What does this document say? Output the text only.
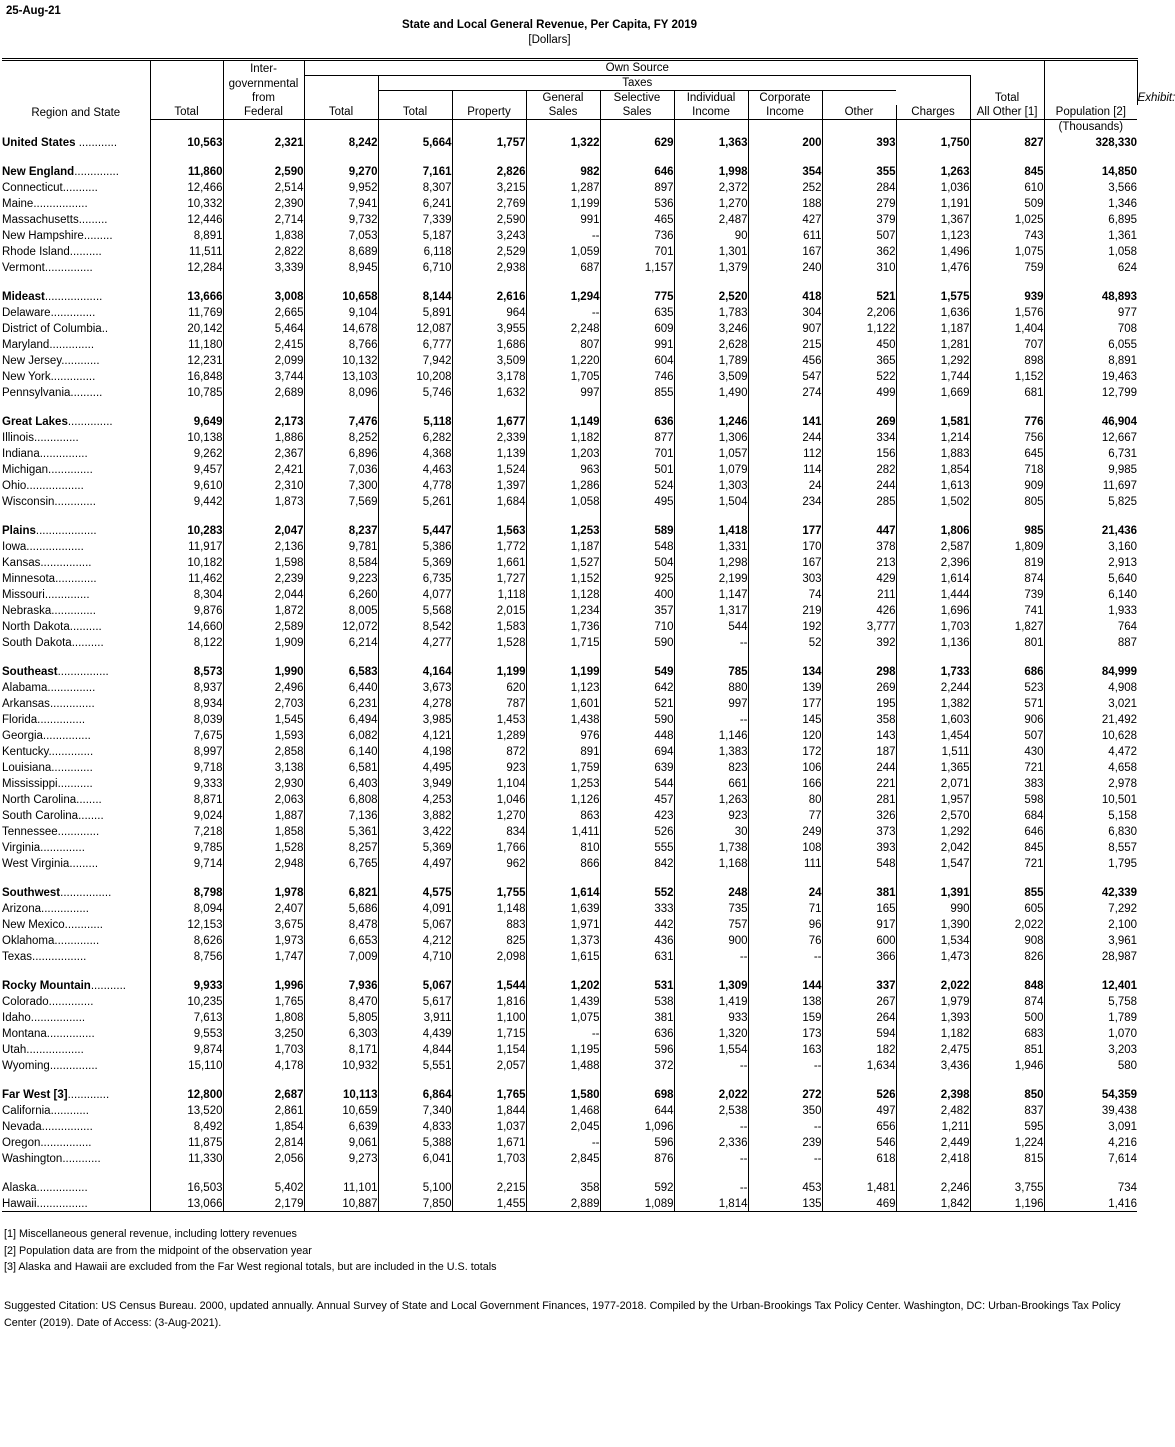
25-Aug-21
State and Local General Revenue, Per Capita, FY 2019
[Dollars]
Region and State		Inter-	Own Source											
		governmental		Taxes										
		from				General	Selective	Individual	Corporate			Total		Exhibit:
	Total	Federal	Total	Total	Property	Sales	Sales	Income	Income	Other	Charges	All Other [1]	Population [2]	
													(Thousands)	
United States ............	10,563	2,321	8,242	5,664	1,757	1,322	629	1,363	200	393	1,750	827	328,330	

New England..............	11,860	2,590	9,270	7,161	2,826	982	646	1,998	354	355	1,263	845	14,850	
Connecticut...........	12,466	2,514	9,952	8,307	3,215	1,287	897	2,372	252	284	1,036	610	3,566	
Maine.................	10,332	2,390	7,941	6,241	2,769	1,199	536	1,270	188	279	1,191	509	1,346	
Massachusetts.........	12,446	2,714	9,732	7,339	2,590	991	465	2,487	427	379	1,367	1,025	6,895	
New Hampshire.........	8,891	1,838	7,053	5,187	3,243	--	736	90	611	507	1,123	743	1,361	
Rhode Island..........	11,511	2,822	8,689	6,118	2,529	1,059	701	1,301	167	362	1,496	1,075	1,058	
Vermont...............	12,284	3,339	8,945	6,710	2,938	687	1,157	1,379	240	310	1,476	759	624	

Mideast..................	13,666	3,008	10,658	8,144	2,616	1,294	775	2,520	418	521	1,575	939	48,893	
Delaware..............	11,769	2,665	9,104	5,891	964	--	635	1,783	304	2,206	1,636	1,576	977	
District of Columbia..	20,142	5,464	14,678	12,087	3,955	2,248	609	3,246	907	1,122	1,187	1,404	708	
Maryland..............	11,180	2,415	8,766	6,777	1,686	807	991	2,628	215	450	1,281	707	6,055	
New Jersey............	12,231	2,099	10,132	7,942	3,509	1,220	604	1,789	456	365	1,292	898	8,891	
New York..............	16,848	3,744	13,103	10,208	3,178	1,705	746	3,509	547	522	1,744	1,152	19,463	
Pennsylvania..........	10,785	2,689	8,096	5,746	1,632	997	855	1,490	274	499	1,669	681	12,799	

Great Lakes..............	9,649	2,173	7,476	5,118	1,677	1,149	636	1,246	141	269	1,581	776	46,904	
Illinois..............	10,138	1,886	8,252	6,282	2,339	1,182	877	1,306	244	334	1,214	756	12,667	
Indiana...............	9,262	2,367	6,896	4,368	1,139	1,203	701	1,057	112	156	1,883	645	6,731	
Michigan..............	9,457	2,421	7,036	4,463	1,524	963	501	1,079	114	282	1,854	718	9,985	
Ohio..................	9,610	2,310	7,300	4,778	1,397	1,286	524	1,303	24	244	1,613	909	11,697	
Wisconsin.............	9,442	1,873	7,569	5,261	1,684	1,058	495	1,504	234	285	1,502	805	5,825	

Plains...................	10,283	2,047	8,237	5,447	1,563	1,253	589	1,418	177	447	1,806	985	21,436	
Iowa..................	11,917	2,136	9,781	5,386	1,772	1,187	548	1,331	170	378	2,587	1,809	3,160	
Kansas................	10,182	1,598	8,584	5,369	1,661	1,527	504	1,298	167	213	2,396	819	2,913	
Minnesota.............	11,462	2,239	9,223	6,735	1,727	1,152	925	2,199	303	429	1,614	874	5,640	
Missouri..............	8,304	2,044	6,260	4,077	1,118	1,128	400	1,147	74	211	1,444	739	6,140	
Nebraska..............	9,876	1,872	8,005	5,568	2,015	1,234	357	1,317	219	426	1,696	741	1,933	
North Dakota..........	14,660	2,589	12,072	8,542	1,583	1,736	710	544	192	3,777	1,703	1,827	764	
South Dakota..........	8,122	1,909	6,214	4,277	1,528	1,715	590	--	52	392	1,136	801	887	

Southeast................	8,573	1,990	6,583	4,164	1,199	1,199	549	785	134	298	1,733	686	84,999	
Alabama...............	8,937	2,496	6,440	3,673	620	1,123	642	880	139	269	2,244	523	4,908	
Arkansas..............	8,934	2,703	6,231	4,278	787	1,601	521	997	177	195	1,382	571	3,021	
Florida...............	8,039	1,545	6,494	3,985	1,453	1,438	590	--	145	358	1,603	906	21,492	
Georgia...............	7,675	1,593	6,082	4,121	1,289	976	448	1,146	120	143	1,454	507	10,628	
Kentucky..............	8,997	2,858	6,140	4,198	872	891	694	1,383	172	187	1,511	430	4,472	
Louisiana.............	9,718	3,138	6,581	4,495	923	1,759	639	823	106	244	1,365	721	4,658	
Mississippi...........	9,333	2,930	6,403	3,949	1,104	1,253	544	661	166	221	2,071	383	2,978	
North Carolina........	8,871	2,063	6,808	4,253	1,046	1,126	457	1,263	80	281	1,957	598	10,501	
South Carolina........	9,024	1,887	7,136	3,882	1,270	863	423	923	77	326	2,570	684	5,158	
Tennessee.............	7,218	1,858	5,361	3,422	834	1,411	526	30	249	373	1,292	646	6,830	
Virginia..............	9,785	1,528	8,257	5,369	1,766	810	555	1,738	108	393	2,042	845	8,557	
West Virginia.........	9,714	2,948	6,765	4,497	962	866	842	1,168	111	548	1,547	721	1,795	

Southwest................	8,798	1,978	6,821	4,575	1,755	1,614	552	248	24	381	1,391	855	42,339	
Arizona...............	8,094	2,407	5,686	4,091	1,148	1,639	333	735	71	165	990	605	7,292	
New Mexico............	12,153	3,675	8,478	5,067	883	1,971	442	757	96	917	1,390	2,022	2,100	
Oklahoma..............	8,626	1,973	6,653	4,212	825	1,373	436	900	76	600	1,534	908	3,961	
Texas.................	8,756	1,747	7,009	4,710	2,098	1,615	631	--	--	366	1,473	826	28,987	

Rocky Mountain...........	9,933	1,996	7,936	5,067	1,544	1,202	531	1,309	144	337	2,022	848	12,401	
Colorado..............	10,235	1,765	8,470	5,617	1,816	1,439	538	1,419	138	267	1,979	874	5,758	
Idaho.................	7,613	1,808	5,805	3,911	1,100	1,075	381	933	159	264	1,393	500	1,789	
Montana...............	9,553	3,250	6,303	4,439	1,715	--	636	1,320	173	594	1,182	683	1,070	
Utah..................	9,874	1,703	8,171	4,844	1,154	1,195	596	1,554	163	182	2,475	851	3,203	
Wyoming...............	15,110	4,178	10,932	5,551	2,057	1,488	372	--	--	1,634	3,436	1,946	580	

Far West [3].............	12,800	2,687	10,113	6,864	1,765	1,580	698	2,022	272	526	2,398	850	54,359	
California............	13,520	2,861	10,659	7,340	1,844	1,468	644	2,538	350	497	2,482	837	39,438	
Nevada................	8,492	1,854	6,639	4,833	1,037	2,045	1,096	--	--	656	1,211	595	3,091	
Oregon................	11,875	2,814	9,061	5,388	1,671	--	596	2,336	239	546	2,449	1,224	4,216	
Washington............	11,330	2,056	9,273	6,041	1,703	2,845	876	--	--	618	2,418	815	7,614	

Alaska................	16,503	5,402	11,101	5,100	2,215	358	592	--	453	1,481	2,246	3,755	734	
Hawaii................	13,066	2,179	10,887	7,850	1,455	2,889	1,089	1,814	135	469	1,842	1,196	1,416	
[1] Miscellaneous general revenue, including lottery revenues
[2] Population data are from the midpoint of the observation year
[3] Alaska and Hawaii are excluded from the Far West regional totals, but are included in the U.S. totals
Suggested Citation: US Census Bureau. 2000, updated annually. Annual Survey of State and Local Government Finances, 1977-2018. Compiled by the Urban-Brookings Tax Policy Center. Washington, DC: Urban-Brookings Tax Policy Center (2019). Date of Access: (3-Aug-2021).
